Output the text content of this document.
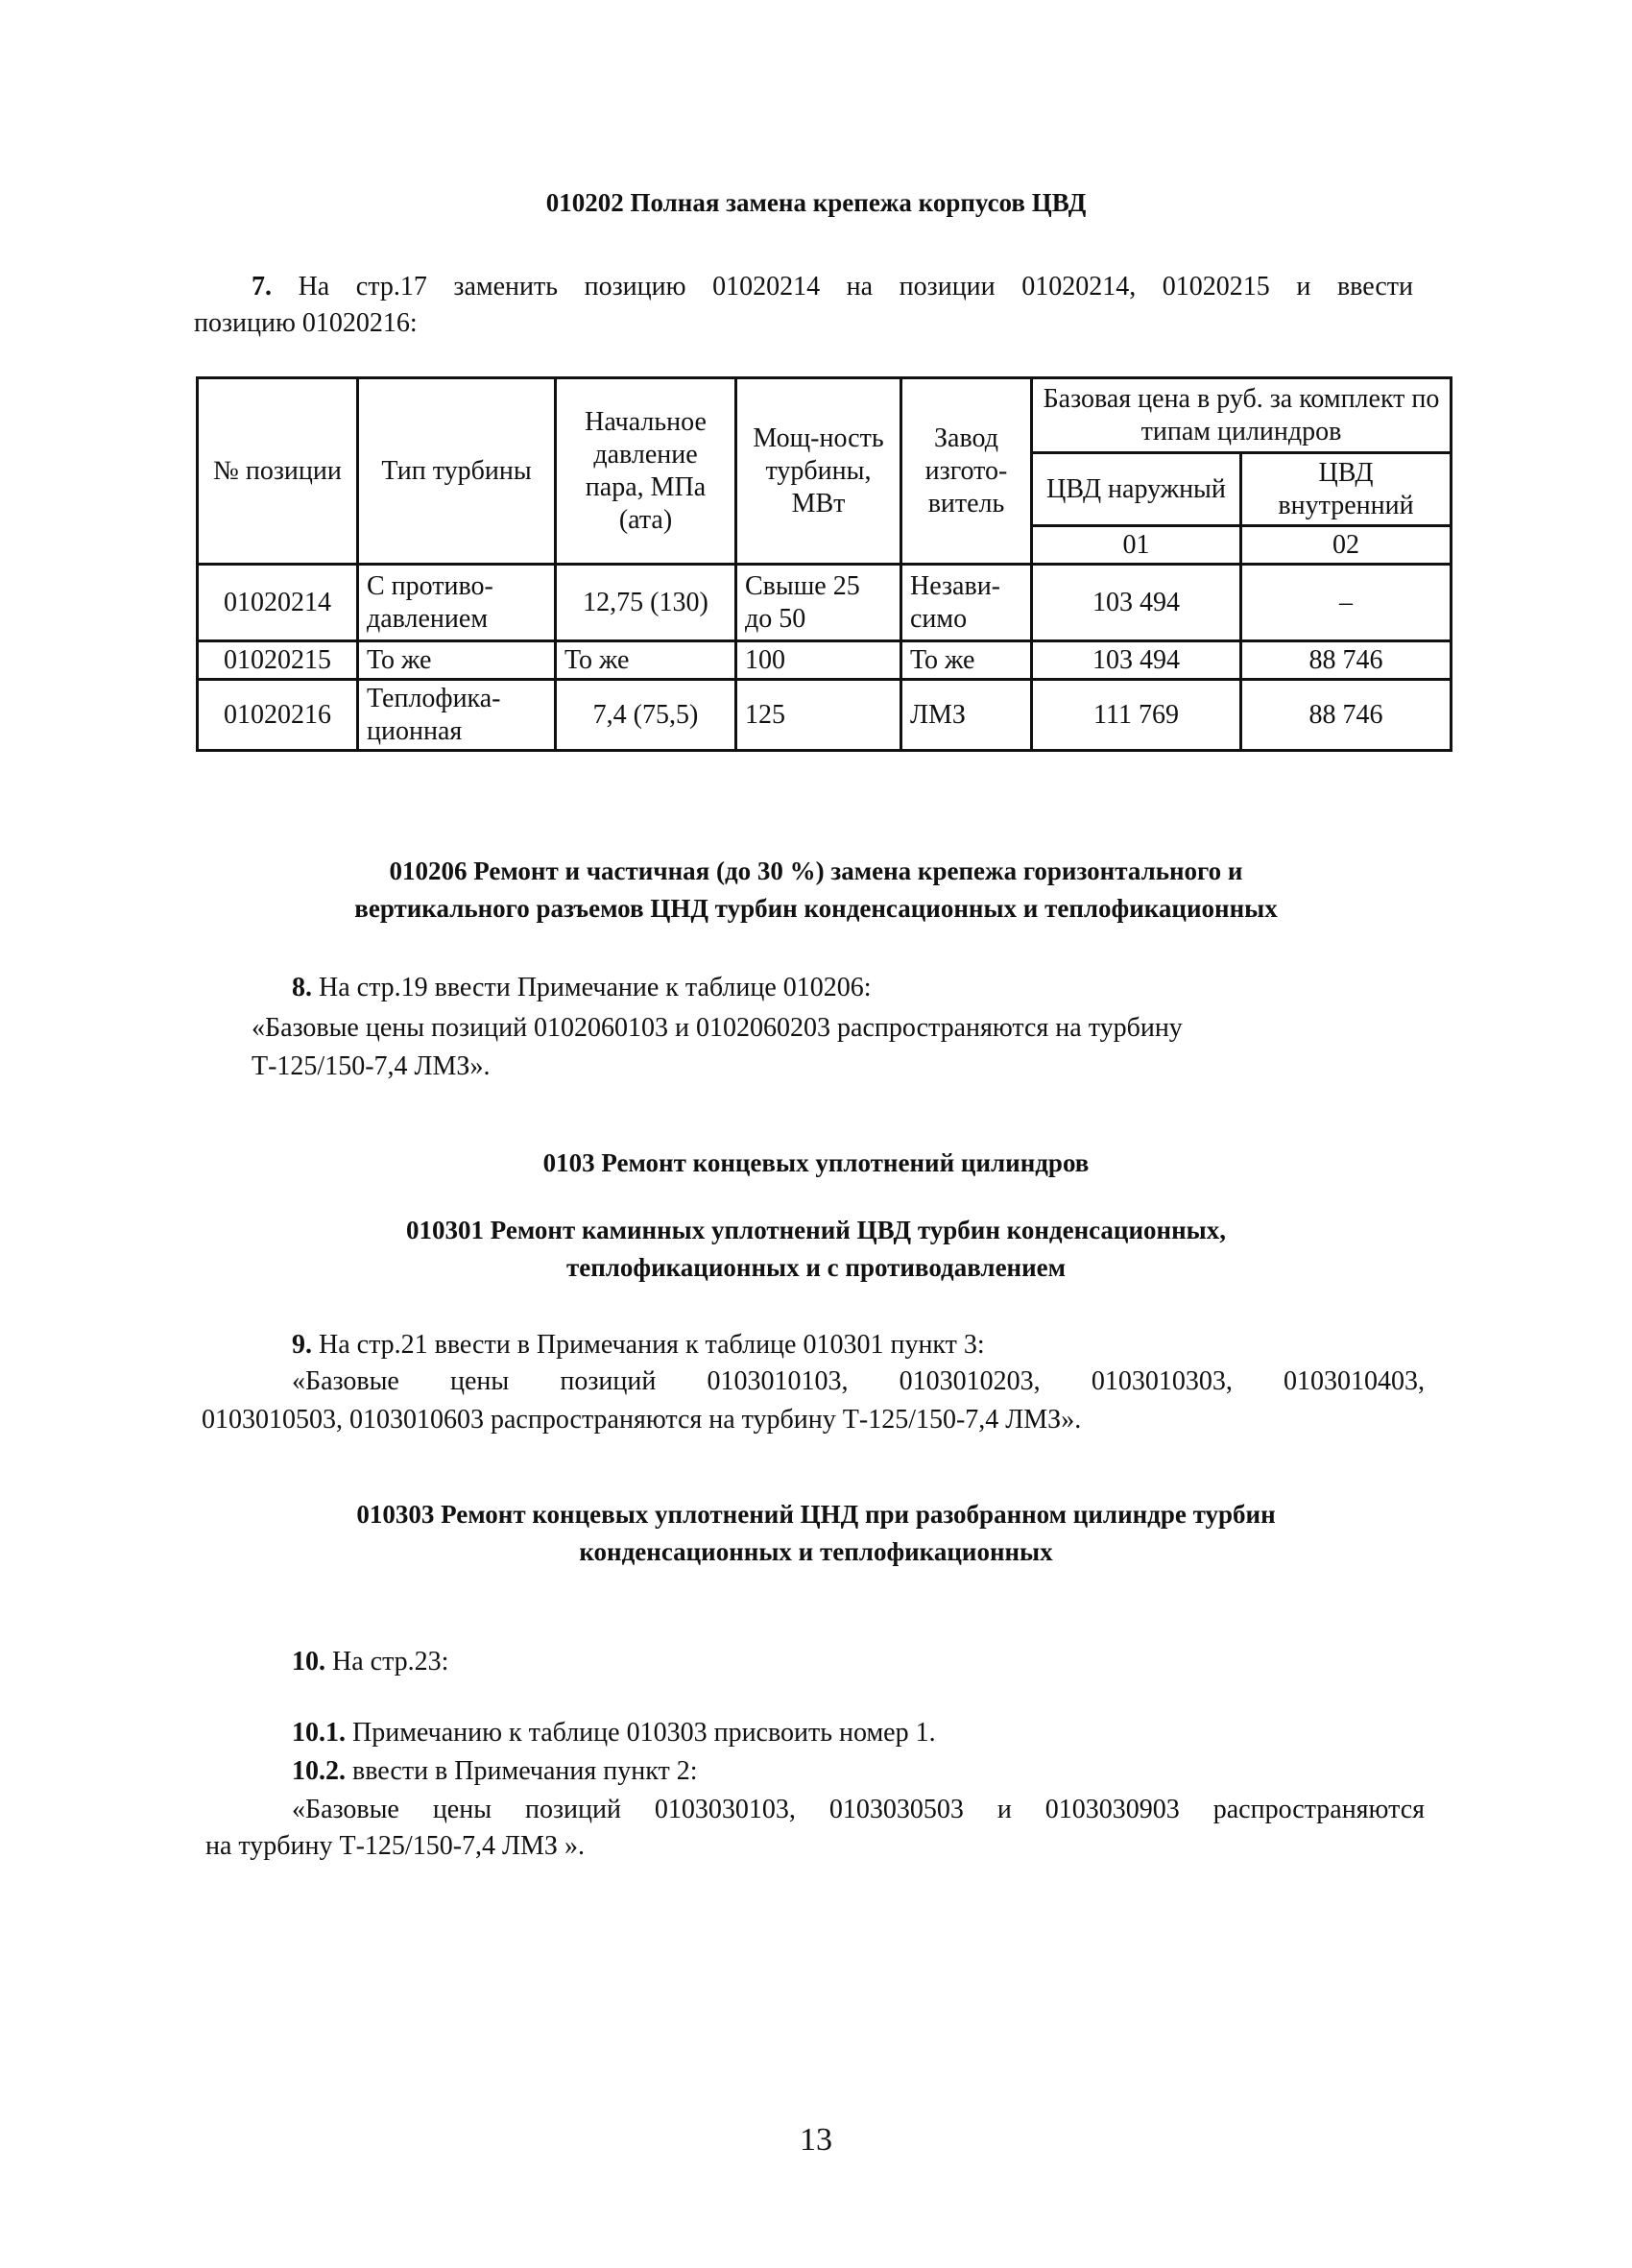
010202 Полная замена крепежа корпусов ЦВД
7. На стр.17 заменить позицию 01020214 на позиции 01020214, 01020215 и ввести
позицию 01020216:
№ позиции	Тип турбины	Начальное давление пара, МПа (ата)	Мощ-ность турбины, МВт	Завод изгото-витель	Базовая цена в руб. за комплект по типам цилиндров	
					ЦВД наружный	ЦВД внутренний
					01	02
01020214	С противо-давлением	12,75 (130)	Свыше 25 до 50	Незави-симо	103 494	–
01020215	То же	То же	100	То же	103 494	88 746
01020216	Теплофика-ционная	7,4 (75,5)	125	ЛМЗ	111 769	88 746
010206 Ремонт и частичная (до 30 %) замена крепежа горизонтального и
вертикального разъемов ЦНД турбин конденсационных и теплофикационных
8. На стр.19 ввести Примечание к таблице 010206:
«Базовые цены позиций 0102060103 и 0102060203 распространяются на турбину
Т-125/150-7,4 ЛМЗ».
0103 Ремонт концевых уплотнений цилиндров
010301 Ремонт каминных уплотнений ЦВД турбин конденсационных,
теплофикационных и с противодавлением
9. На стр.21 ввести в Примечания к таблице 010301 пункт 3:
«Базовые цены позиций 0103010103, 0103010203, 0103010303, 0103010403,
0103010503, 0103010603 распространяются на турбину Т-125/150-7,4 ЛМЗ».
010303 Ремонт концевых уплотнений ЦНД при разобранном цилиндре турбин
конденсационных и теплофикационных
10. На стр.23:
10.1. Примечанию к таблице 010303 присвоить номер 1.
10.2. ввести в Примечания пункт 2:
«Базовые цены позиций 0103030103, 0103030503 и 0103030903 распространяются
на турбину Т-125/150-7,4 ЛМЗ ».
13
